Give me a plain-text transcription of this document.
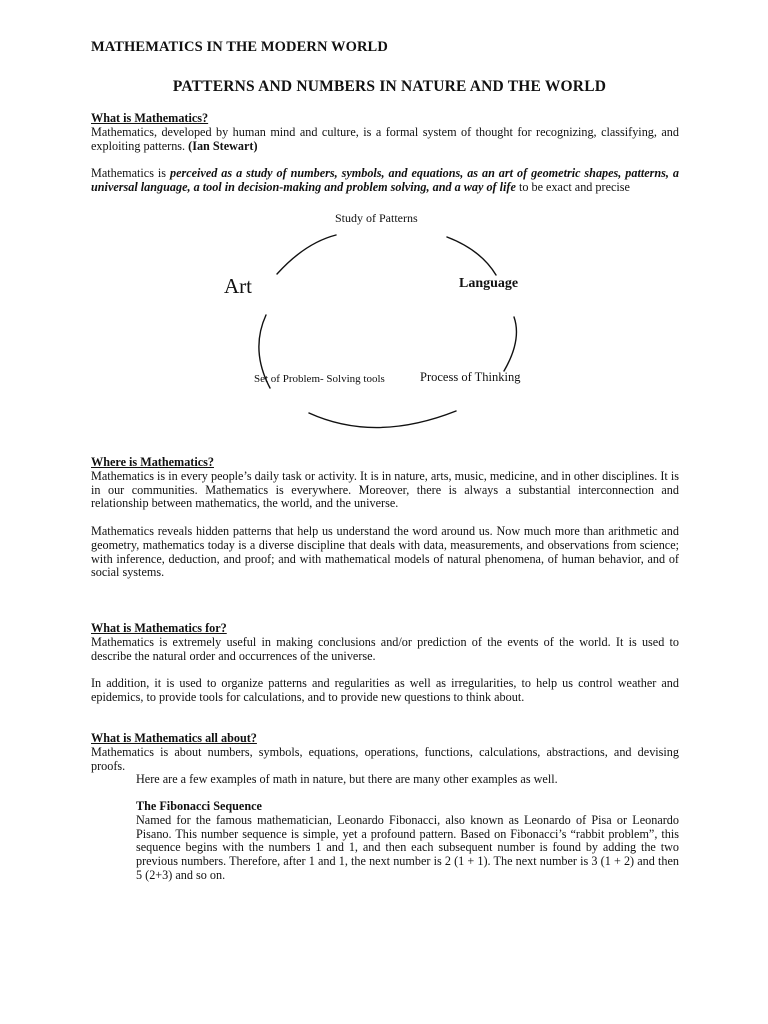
MATHEMATICS IN THE MODERN WORLD
PATTERNS AND NUMBERS IN NATURE AND THE WORLD
What is Mathematics?
Mathematics, developed by human mind and culture, is a formal system of thought for recognizing, classifying, and exploiting patterns. (Ian Stewart)
Mathematics is perceived as a study of numbers, symbols, and equations, as an art of geometric shapes, patterns, a universal language, a tool in decision-making and problem solving, and a way of life to be exact and precise
Study of Patterns
Art	Language
Set of Problem- Solving tools	Process of Thinking
Where is Mathematics?
Mathematics is in every people’s daily task or activity. It is in nature, arts, music, medicine, and in other disciplines. It is in our communities. Mathematics is everywhere. Moreover, there is always a substantial interconnection and relationship between mathematics, the world, and the universe.
Mathematics reveals hidden patterns that help us understand the word around us. Now much more than arithmetic and geometry, mathematics today is a diverse discipline that deals with data, measurements, and observations from science; with inference, deduction, and proof; and with mathematical models of natural phenomena, of human behavior, and of social systems.
What is Mathematics for?
Mathematics is extremely useful in making conclusions and/or prediction of the events of the world. It is used to describe the natural order and occurrences of the universe.
In addition, it is used to organize patterns and regularities as well as irregularities, to help us control weather and epidemics, to provide tools for calculations, and to provide new questions to think about.
What is Mathematics all about?
Mathematics is about numbers, symbols, equations, operations, functions, calculations, abstractions, and devising proofs.
Here are a few examples of math in nature, but there are many other examples as well.
The Fibonacci Sequence
Named for the famous mathematician, Leonardo Fibonacci, also known as Leonardo of Pisa or Leonardo Pisano. This number sequence is simple, yet a profound pattern. Based on Fibonacci’s “rabbit problem”, this sequence begins with the numbers 1 and 1, and then each subsequent number is found by adding the two previous numbers. Therefore, after 1 and 1, the next number is 2 (1 + 1). The next number is 3 (1 + 2) and then 5 (2+3) and so on.
